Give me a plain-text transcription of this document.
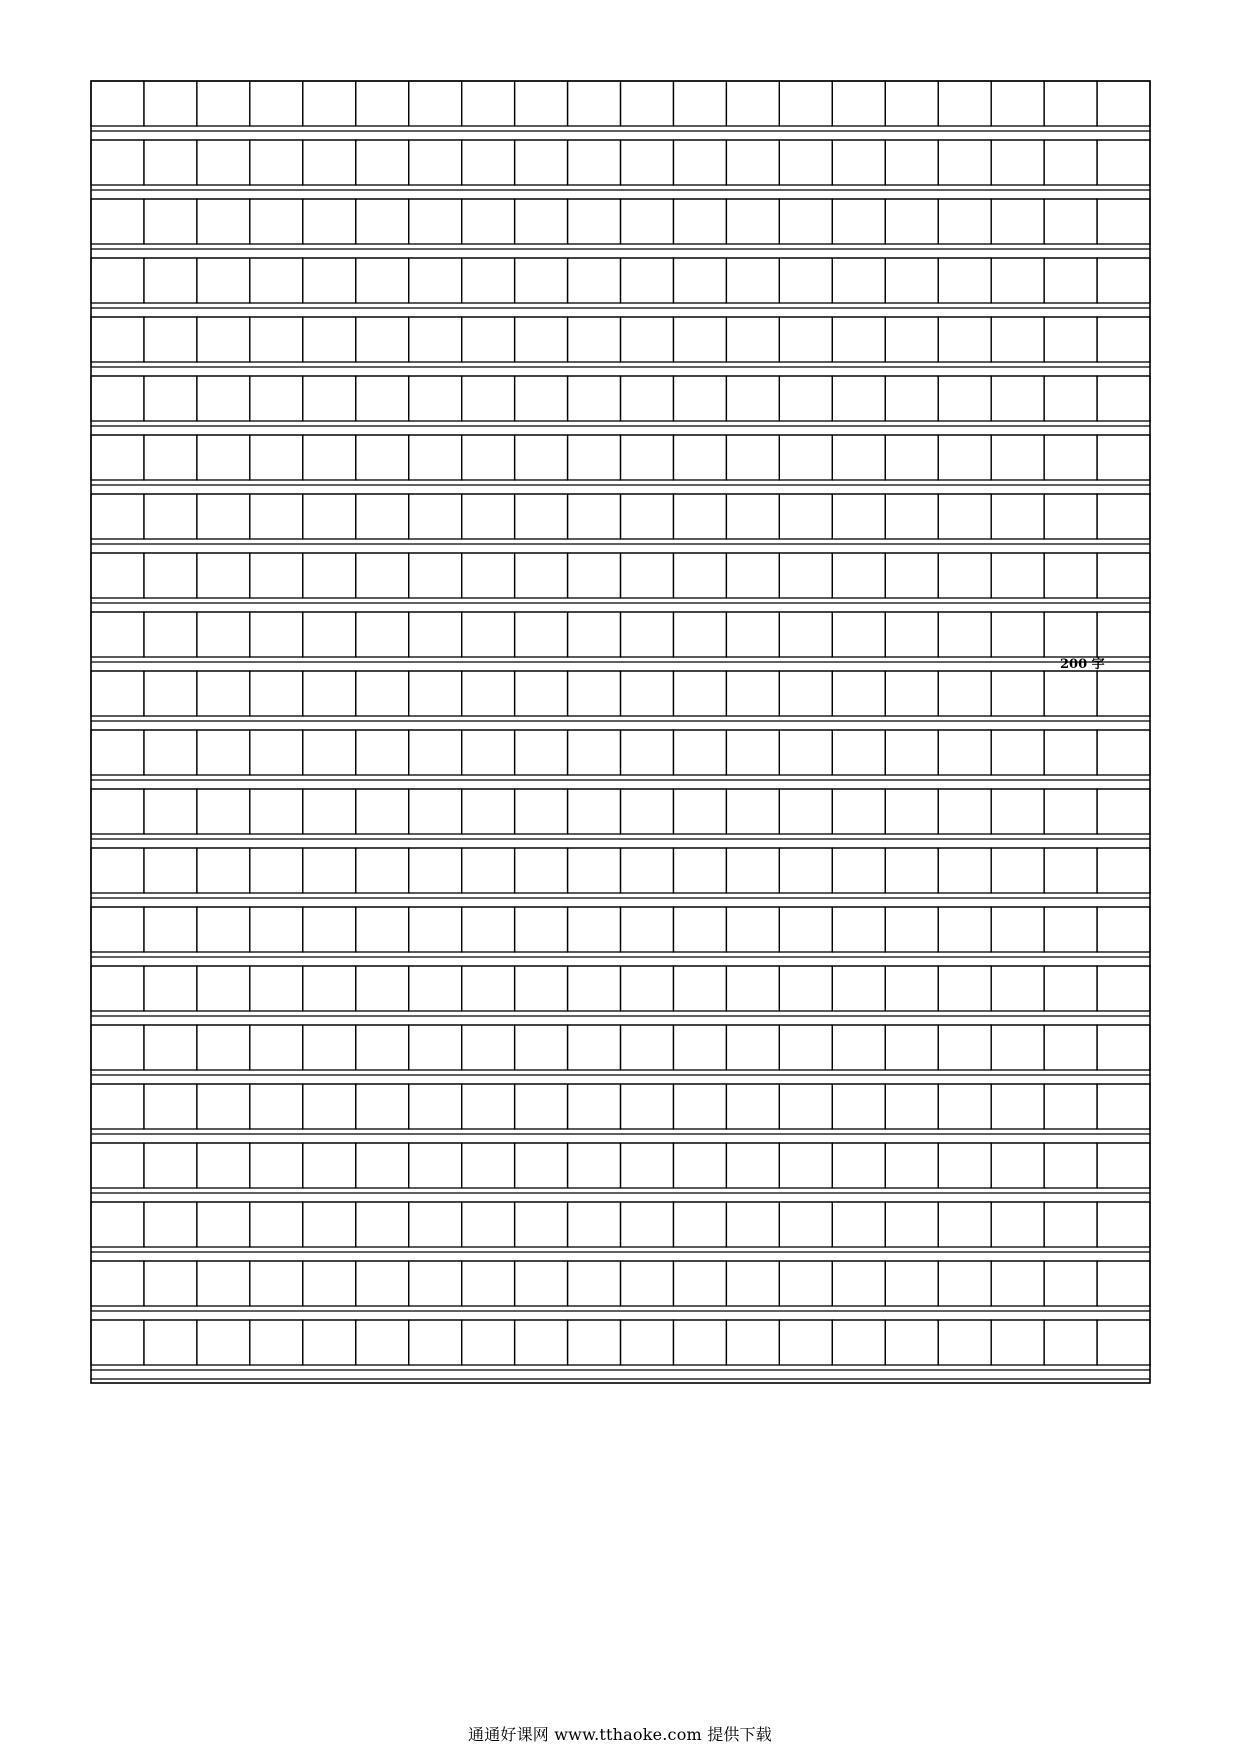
200 字
通通好课网 www.tthaoke.com 提供下载
